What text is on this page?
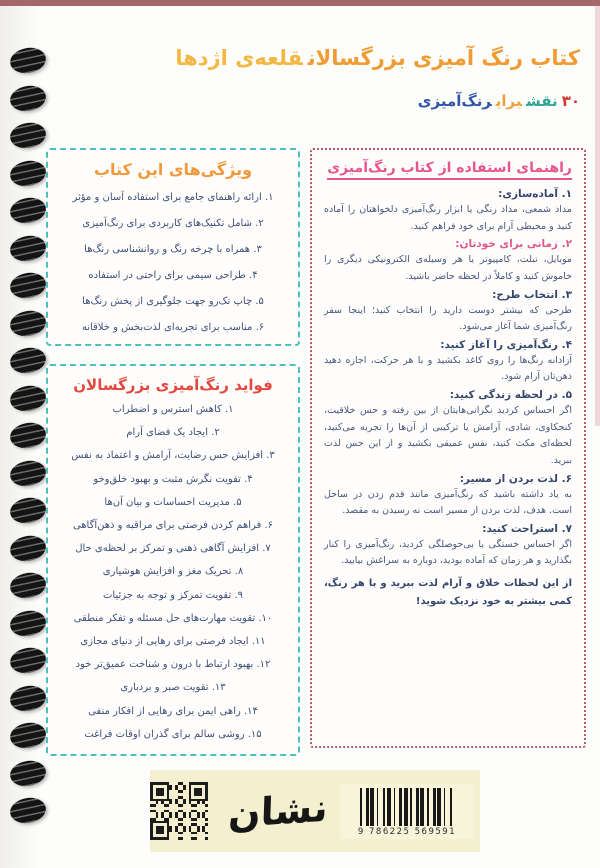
کتاب رنگ آمیزی بزرگسالانقلعه‌ی اژدها
۳۰نقشبرایرنگ‌آمیزی
ویژگی‌های این کتاب
۱. ارائه راهنمای جامع برای استفاده آسان و مؤثر
۲. شامل تکنیک‌های کاربردی برای رنگ‌آمیزی
۳. همراه با چرخه رنگ و روانشناسی رنگ‌ها
۴. طراحی سیمی برای راحتی در استفاده
۵. چاپ تک‌رو جهت جلوگیری از پخش رنگ‌ها
۶. مناسب برای تجربه‌ای لذت‌بخش و خلاقانه
فواید رنگ‌آمیزی بزرگسالان
۱. کاهش استرس و اضطراب
۲. ایجاد یک فضای آرام
۳. افزایش حس رضایت، آرامش و اعتماد به نفس
۴. تقویت نگرش مثبت و بهبود خلق‌وخو
۵. مدیریت احساسات و بیان آن‌ها
۶. فراهم کردن فرصتی برای مراقبه و ذهن‌آگاهی
۷. افزایش آگاهی ذهنی و تمرکز بر لحظه‌ی حال
۸. تحریک مغز و افزایش هوشیاری
۹. تقویت تمرکز و توجه به جزئیات
۱۰. تقویت مهارت‌های حل مسئله و تفکر منطقی
۱۱. ایجاد فرصتی برای رهایی از دنیای مجازی
۱۲. بهبود ارتباط با درون و شناخت عمیق‌تر خود
۱۳. تقویت صبر و بردباری
۱۴. راهی ایمن برای رهایی از افکار منفی
۱۵. روشی سالم برای گذران اوقات فراغت
راهنمای استفاده از کتاب رنگ‌آمیزی
۱. آماده‌سازی:
مداد شمعی، مداد رنگی یا ابزار رنگ‌آمیزی دلخواهتان را آماده کنید و محیطی آرام برای خود فراهم کنید.
۲. زمانی برای خودتان:
موبایل، تبلت، کامپیوتر یا هر وسیله‌ی الکترونیکی دیگری را خاموش کنید و کاملاً در لحظه حاضر باشید.
۳. انتخاب طرح:
طرحی که بیشتر دوست دارید را انتخاب کنید؛ اینجا سفر رنگ‌آمیزی شما آغاز می‌شود.
۴. رنگ‌آمیزی را آغاز کنید:
آزادانه رنگ‌ها را روی کاغذ بکشید و با هر حرکت، اجازه دهید ذهن‌تان آرام شود.
۵. در لحظه زندگی کنید:
اگر احساس کردید نگرانی‌هایتان از بین رفته و حس خلاقیت، کنجکاوی، شادی، آرامش یا ترکیبی از آن‌ها را تجربه می‌کنید، لحظه‌ای مکث کنید، نفس عمیقی بکشید و از این حس لذت ببرید.
۶. لذت بردن از مسیر:
به یاد داشته باشید که رنگ‌آمیزی مانند قدم زدن در ساحل است. هدف، لذت بردن از مسیر است نه رسیدن به مقصد.
۷. استراحت کنید:
اگر احساس خستگی یا بی‌حوصلگی کردید، رنگ‌آمیزی را کنار بگذارید و هر زمان که آماده بودید، دوباره به سراغش بیایید.
از این لحظات خلاق و آرام لذت ببرید و با هر رنگ، کمی بیشتر به خود نزدیک شوید!
نشان	9 786225 569591
